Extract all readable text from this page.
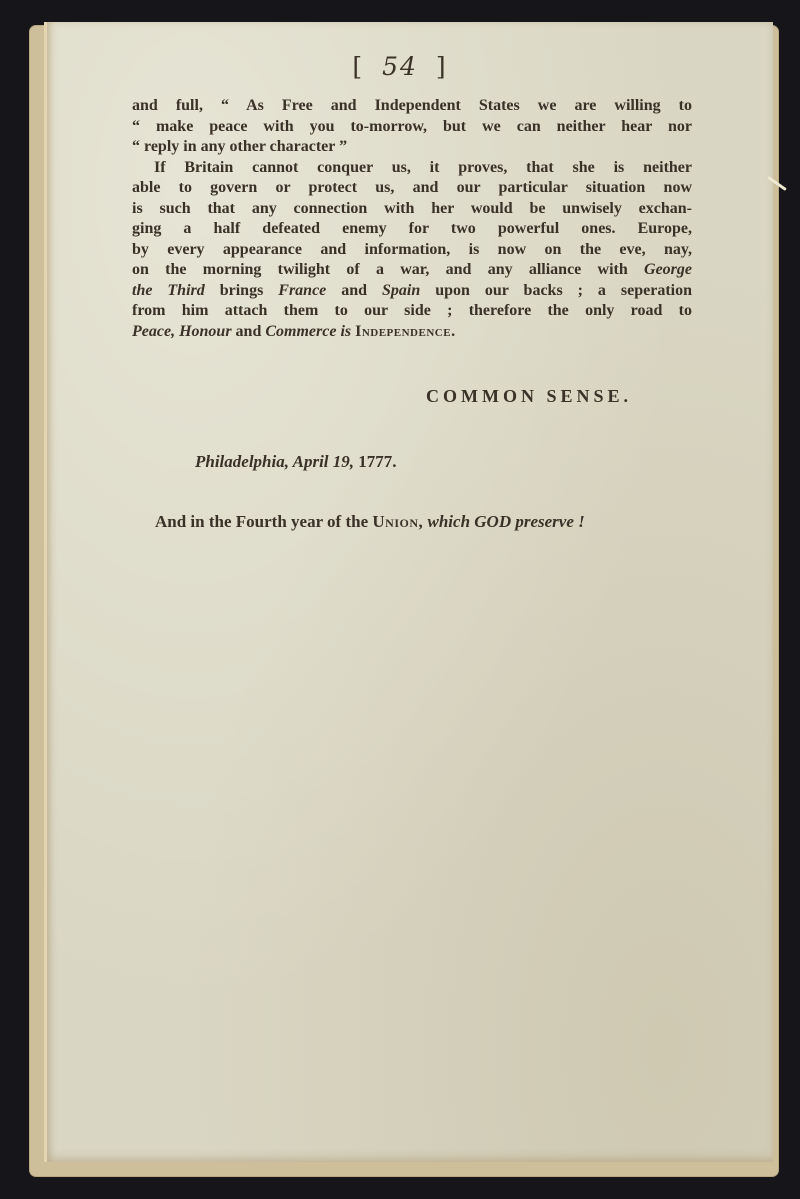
[ 54 ]
and full, “ As Free and Independent States we are willing to
“ make peace with you to-morrow, but we can neither hear nor
“ reply in any other character ”
If Britain cannot conquer us, it proves, that she is neither
able to govern or protect us, and our particular situation now
is such that any connection with her would be unwisely exchan-
ging a half defeated enemy for two powerful ones. Europe,
by every appearance and information, is now on the eve, nay,
on the morning twilight of a war, and any alliance with George
the Third brings France and Spain upon our backs ; a seperation
from him attach them to our side ; therefore the only road to
Peace, Honour and Commerce is Independence.
COMMON SENSE.
Philadelphia, April 19, 1777.
And in the Fourth year of the Union, which GOD preserve !
